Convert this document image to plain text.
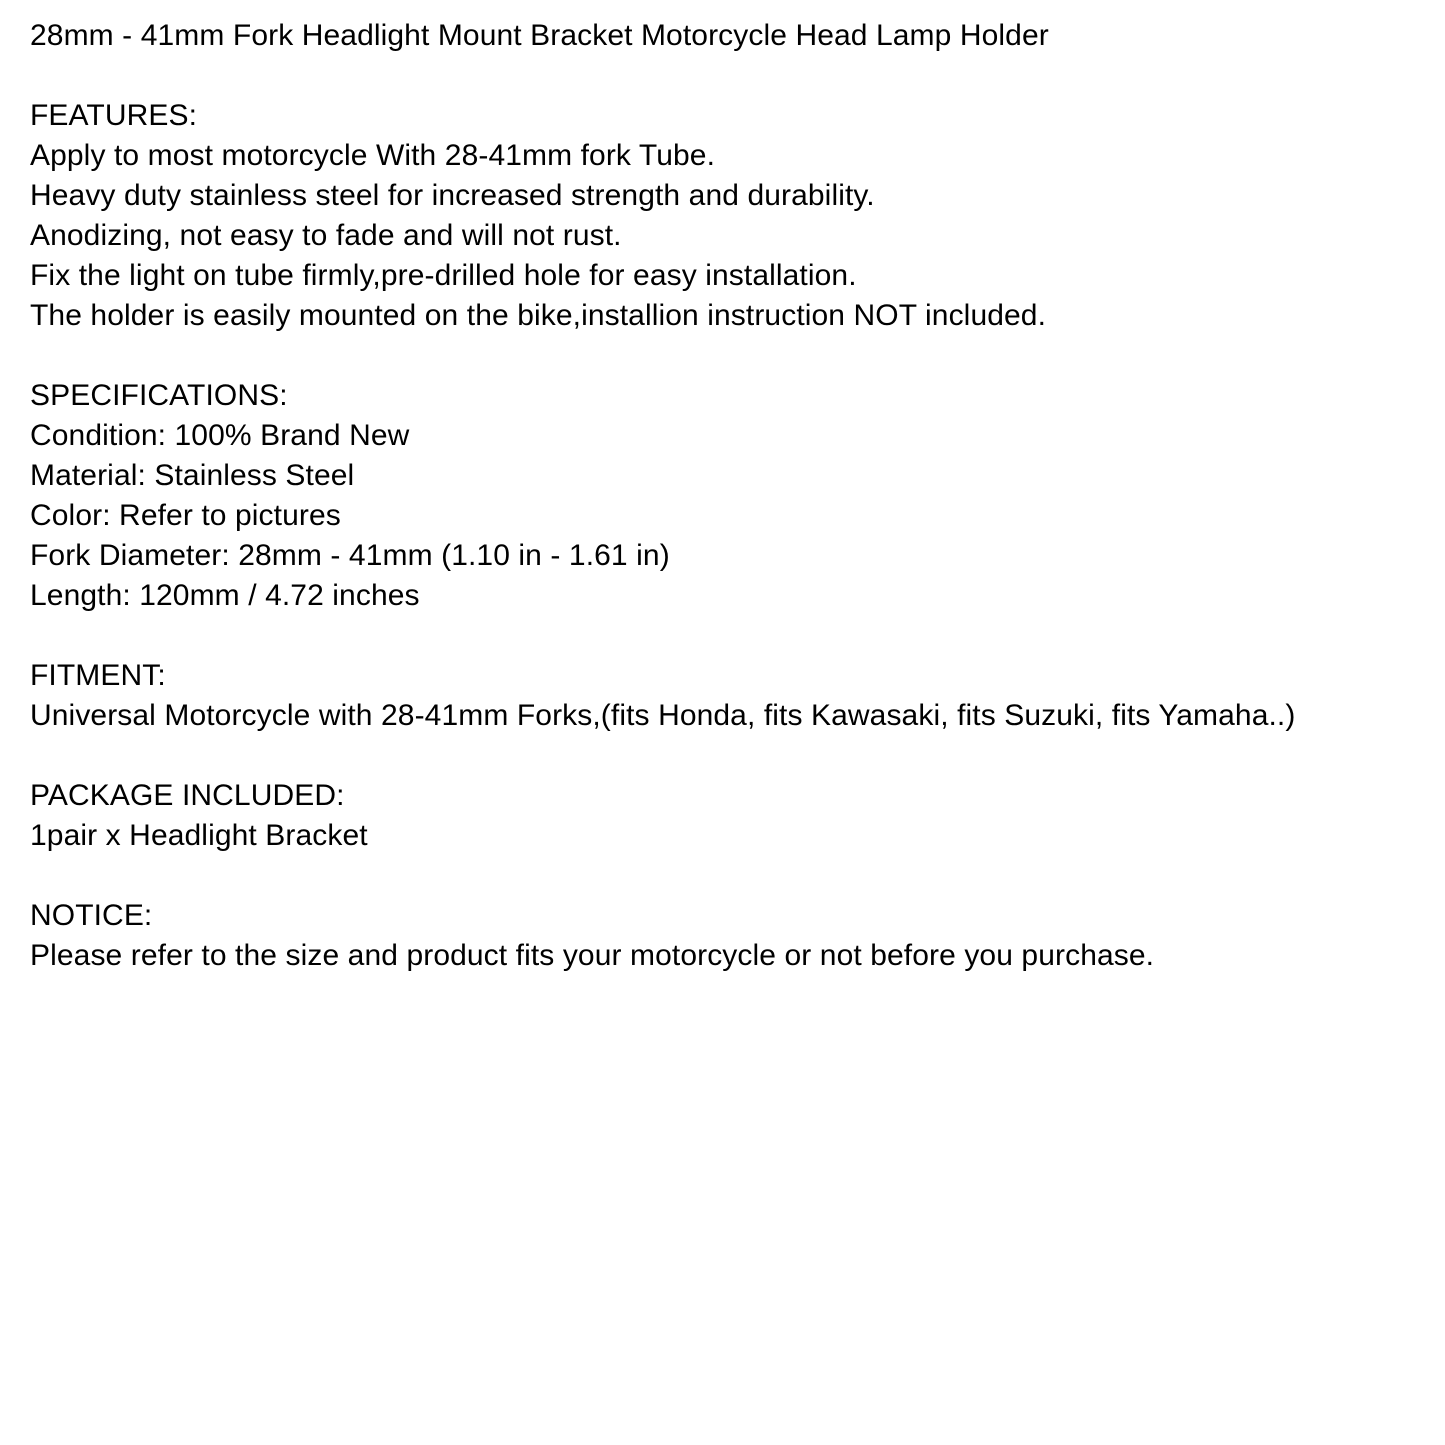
28mm - 41mm Fork Headlight Mount Bracket Motorcycle Head Lamp Holder
FEATURES:
Apply to most motorcycle With 28-41mm fork Tube.
Heavy duty stainless steel for increased strength and durability.
Anodizing, not easy to fade and will not rust.
Fix the light on tube firmly,pre-drilled hole for easy installation.
The holder is easily mounted on the bike,installion instruction NOT included.
SPECIFICATIONS:
Condition: 100% Brand New
Material: Stainless Steel
Color: Refer to pictures
Fork Diameter: 28mm - 41mm (1.10 in - 1.61 in)
Length: 120mm / 4.72 inches
FITMENT:
Universal Motorcycle with 28-41mm Forks,(fits Honda, fits Kawasaki, fits Suzuki, fits Yamaha..)
PACKAGE INCLUDED:
1pair x Headlight Bracket
NOTICE:
Please refer to the size and product fits your motorcycle or not before you purchase.
